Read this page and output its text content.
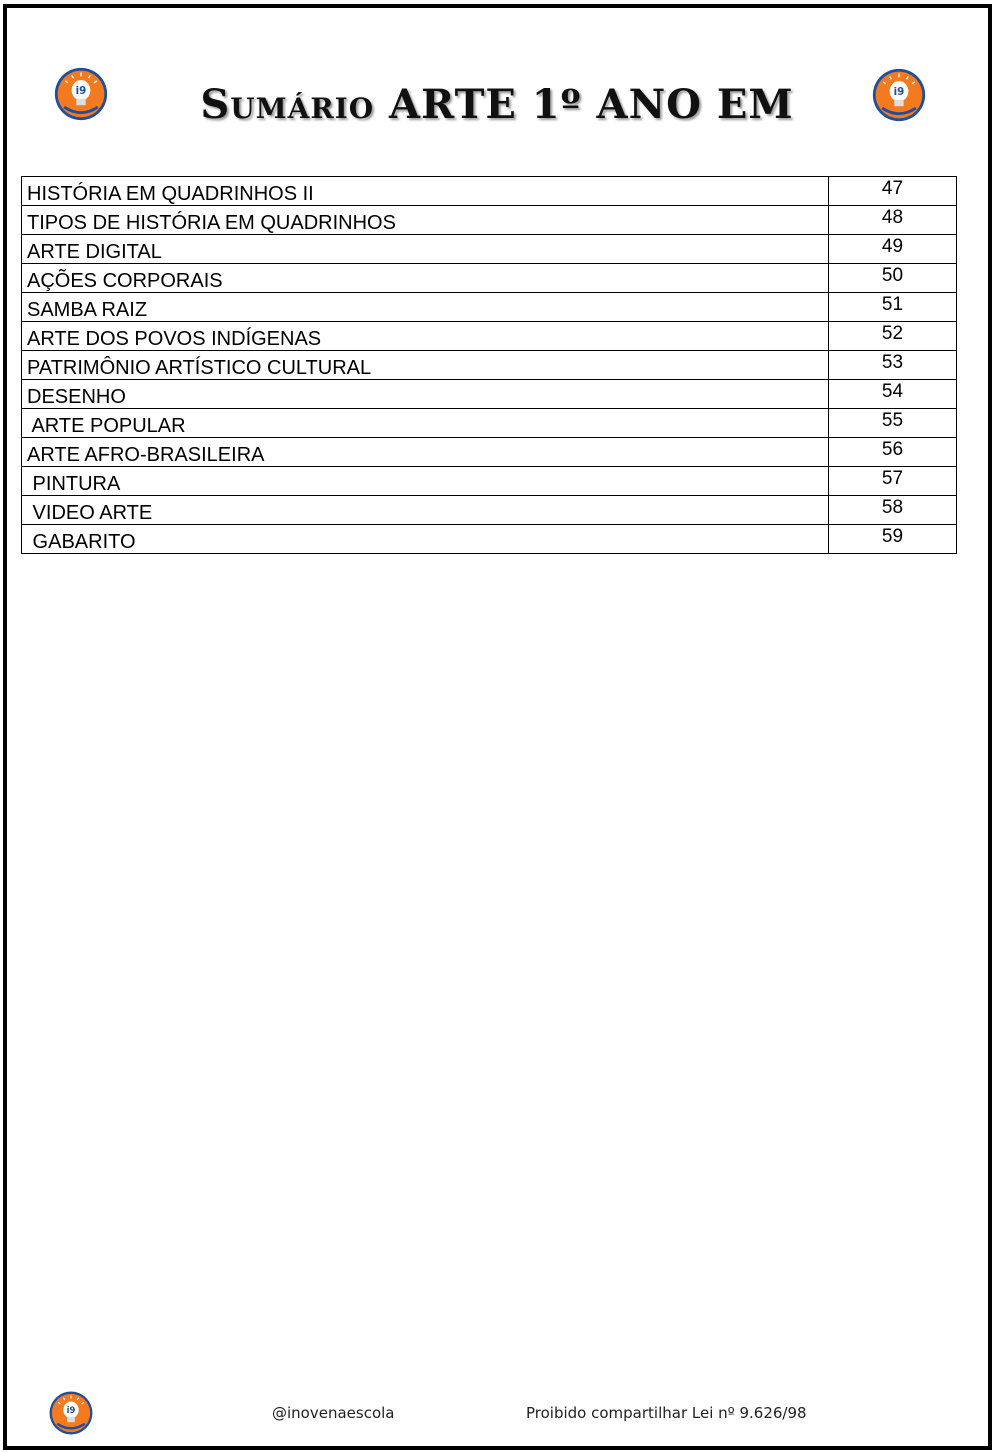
i9	i9
Sumário ARTE 1º ANO EM
HISTÓRIA EM QUADRINHOS II	47
TIPOS DE HISTÓRIA EM QUADRINHOS	48
ARTE DIGITAL	49
AÇÕES CORPORAIS	50
SAMBA RAIZ	51
ARTE DOS POVOS INDÍGENAS	52
PATRIMÔNIO ARTÍSTICO CULTURAL	53
DESENHO	54
ARTE POPULAR	55
ARTE AFRO-BRASILEIRA	56
PINTURA	57
VIDEO ARTE	58
GABARITO	59
i9	@inovenaescola	Proibido compartilhar Lei nº 9.626/98
